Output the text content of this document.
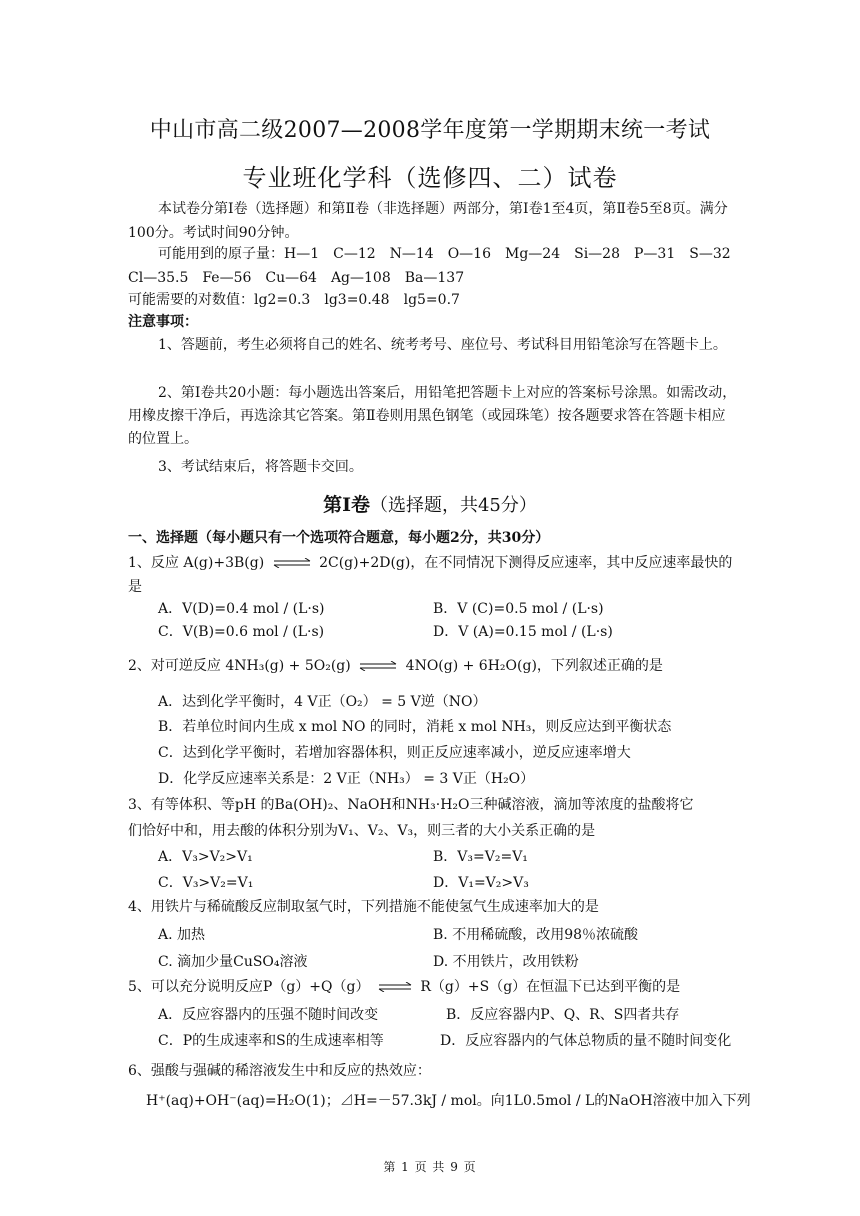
中山市高二级2007—2008学年度第一学期期末统一考试
专业班化学科（选修四、二）试卷
本试卷分第Ⅰ卷（选择题）和第Ⅱ卷（非选择题）两部分，第Ⅰ卷1至4页，第Ⅱ卷5至8页。满分100分。考试时间90分钟。
可能用到的原子量：H—1　C—12　N—14　O—16　Mg—24　Si—28　P—31　S—32
Cl—35.5　Fe—56　Cu—64　Ag—108　Ba—137
可能需要的对数值：lg2=0.3　lg3=0.48　lg5=0.7
注意事项：
1、答题前，考生必须将自己的姓名、统考考号、座位号、考试科目用铅笔涂写在答题卡上。
2、第Ⅰ卷共20小题：每小题选出答案后，用铅笔把答题卡上对应的答案标号涂黑。如需改动，用橡皮擦干净后，再选涂其它答案。第Ⅱ卷则用黑色钢笔（或园珠笔）按各题要求答在答题卡相应的位置上。
3、考试结束后，将答题卡交回。
第Ⅰ卷（选择题，共45分）
一、选择题（每小题只有一个选项符合题意，每小题2分，共30分）
1、反应 A(g)+3B(g) ⇌ 2C(g)+2D(g)，在不同情况下测得反应速率，其中反应速率最快的
是
A．V(D)=0.4 mol / (L·s)	B．V (C)=0.5 mol / (L·s)
C．V(B)=0.6 mol / (L·s)	D．V (A)=0.15 mol / (L·s)
2、对可逆反应 4NH₃(g) + 5O₂(g) ⇌ 4NO(g) + 6H₂O(g)，下列叙述正确的是
A．达到化学平衡时，4 V正（O₂） = 5 V逆（NO）
B．若单位时间内生成 x mol NO 的同时，消耗 x mol NH₃，则反应达到平衡状态
C．达到化学平衡时，若增加容器体积，则正反应速率减小，逆反应速率增大
D．化学反应速率关系是：2 V正（NH₃） = 3 V正（H₂O）
3、有等体积、等pH 的Ba(OH)₂、NaOH和NH₃·H₂O三种碱溶液，滴加等浓度的盐酸将它
们恰好中和，用去酸的体积分别为V₁、V₂、V₃，则三者的大小关系正确的是
A．V₃>V₂>V₁	B．V₃=V₂=V₁
C．V₃>V₂=V₁	D．V₁=V₂>V₃
4、用铁片与稀硫酸反应制取氢气时，下列措施不能使氢气生成速率加大的是
A. 加热	B. 不用稀硫酸，改用98％浓硫酸
C. 滴加少量CuSO₄溶液	D. 不用铁片，改用铁粉
5、可以充分说明反应P（g）+Q（g） ⇌ R（g）+S（g）在恒温下已达到平衡的是
A．反应容器内的压强不随时间改变	B．反应容器内P、Q、R、S四者共存
C．P的生成速率和S的生成速率相等	D．反应容器内的气体总物质的量不随时间变化
6、强酸与强碱的稀溶液发生中和反应的热效应：
H⁺(aq)+OH⁻(aq)=H₂O(1)；⊿H=－57.3kJ / mol。向1L0.5mol / L的NaOH溶液中加入下列
第 1 页 共 9 页
